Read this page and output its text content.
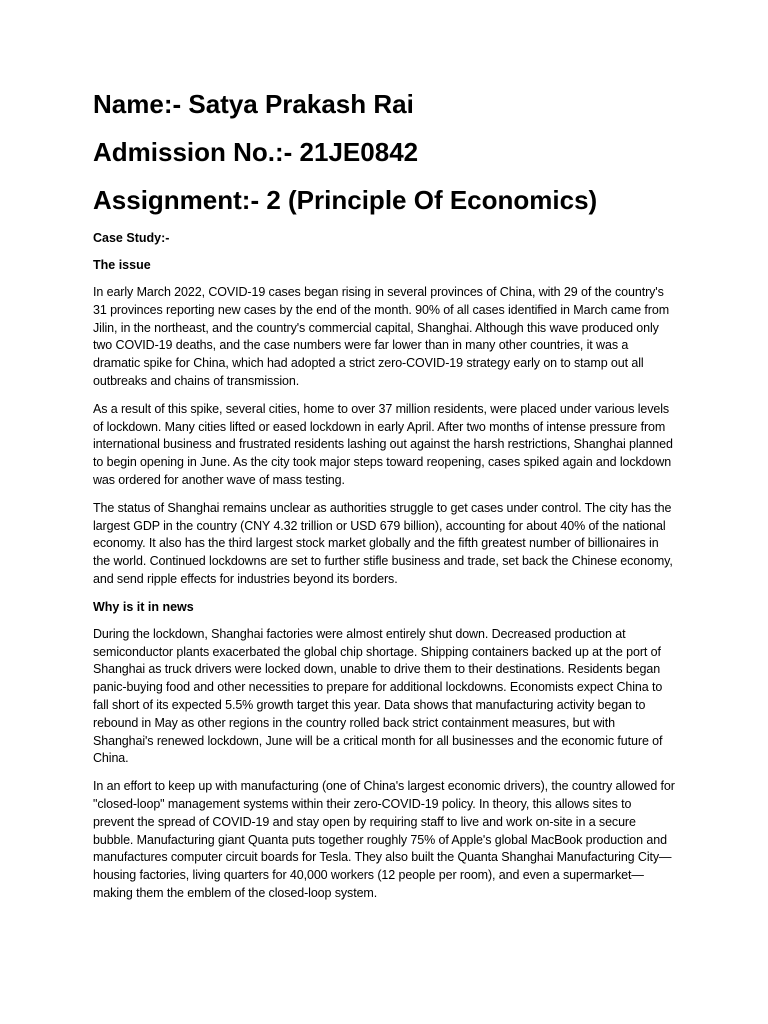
Name:- Satya Prakash Rai
Admission No.:- 21JE0842
Assignment:- 2 (Principle Of Economics)
Case Study:-
The issue

In early March 2022, COVID-19 cases began rising in several provinces of China, with 29 of the country's 31 provinces reporting new cases by the end of the month. 90% of all cases identified in March came from Jilin, in the northeast, and the country's commercial capital, Shanghai. Although this wave produced only two COVID-19 deaths, and the case numbers were far lower than in many other countries, it was a dramatic spike for China, which had adopted a strict zero-COVID-19 strategy early on to stamp out all outbreaks and chains of transmission.

As a result of this spike, several cities, home to over 37 million residents, were placed under various levels of lockdown. Many cities lifted or eased lockdown in early April. After two months of intense pressure from international business and frustrated residents lashing out against the harsh restrictions, Shanghai planned to begin opening in June. As the city took major steps toward reopening, cases spiked again and lockdown was ordered for another wave of mass testing.

The status of Shanghai remains unclear as authorities struggle to get cases under control. The city has the largest GDP in the country (CNY 4.32 trillion or USD 679 billion), accounting for about 40% of the national economy. It also has the third largest stock market globally and the fifth greatest number of billionaires in the world. Continued lockdowns are set to further stifle business and trade, set back the Chinese economy, and send ripple effects for industries beyond its borders.

Why is it in news

During the lockdown, Shanghai factories were almost entirely shut down. Decreased production at semiconductor plants exacerbated the global chip shortage. Shipping containers backed up at the port of Shanghai as truck drivers were locked down, unable to drive them to their destinations. Residents began panic-buying food and other necessities to prepare for additional lockdowns. Economists expect China to fall short of its expected 5.5% growth target this year. Data shows that manufacturing activity began to rebound in May as other regions in the country rolled back strict containment measures, but with Shanghai's renewed lockdown, June will be a critical month for all businesses and the economic future of China.

In an effort to keep up with manufacturing (one of China's largest economic drivers), the country allowed for "closed-loop" management systems within their zero-COVID-19 policy. In theory, this allows sites to prevent the spread of COVID-19 and stay open by requiring staff to live and work on-site in a secure bubble. Manufacturing giant Quanta puts together roughly 75% of Apple's global MacBook production and manufactures computer circuit boards for Tesla. They also built the Quanta Shanghai Manufacturing City—housing factories, living quarters for 40,000 workers (12 people per room), and even a supermarket—making them the emblem of the closed-loop system.
